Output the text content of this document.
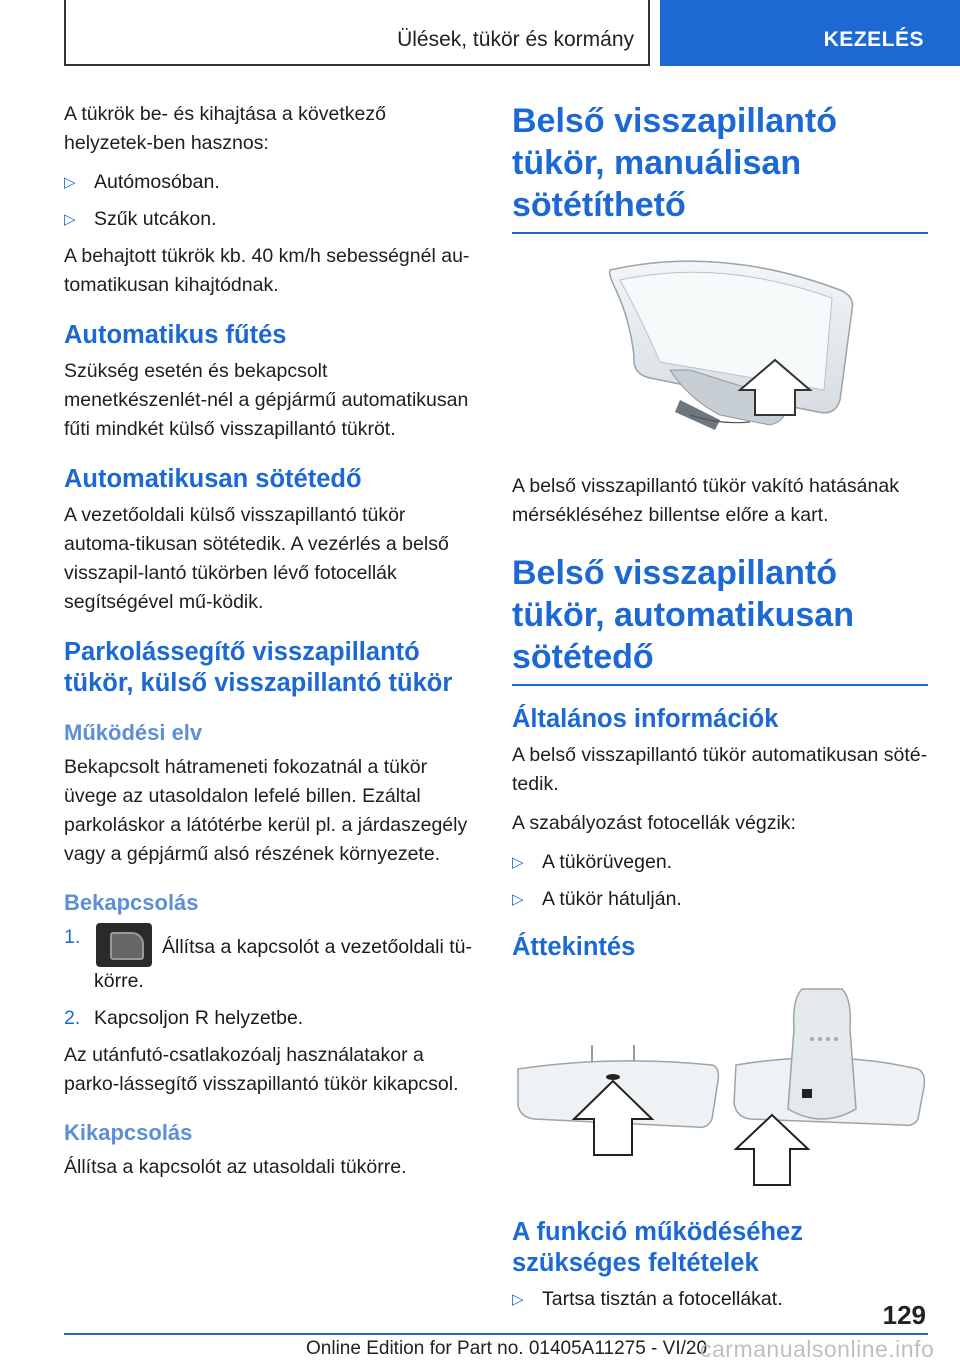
Ülések, tükör és kormány	KEZELÉS

A tükrök be- és kihajtása a következő helyzetek-ben hasznos:

▷ Autómosóban.
▷ Szűk utcákon.

A behajtott tükrök kb. 40 km/h sebességnél au-tomatikusan kihajtódnak.

Automatikus fűtés

Szükség esetén és bekapcsolt menetkészenlét-nél a gépjármű automatikusan fűti mindkét külső visszapillantó tükröt.

Automatikusan sötétedő

A vezetőoldali külső visszapillantó tükör automa-tikusan sötétedik. A vezérlés a belső visszapil-lantó tükörben lévő fotocellák segítségével mű-ködik.

Parkolássegítő visszapillantó tükör, külső visszapillantó tükör
Működési elv

Bekapcsolt hátrameneti fokozatnál a tükör üvege az utasoldalon lefelé billen. Ezáltal parkoláskor a látótérbe kerül pl. a járdaszegély vagy a gépjármű alsó részének környezete.

Bekapcsolás
1.	Állítsa a kapcsolót a vezetőoldali tü-körre.
2. Kapcsoljon R helyzetbe.

Az utánfutó-csatlakozóalj használatakor a parko-lássegítő visszapillantó tükör kikapcsol.

Kikapcsolás

Állítsa a kapcsolót az utasoldali tükörre.

Belső visszapillantó tükör, manuálisan sötétíthető

A belső visszapillantó tükör vakító hatásának mérsékléséhez billentse előre a kart.

Belső visszapillantó tükör, automatikusan sötétedő
Általános információk

A belső visszapillantó tükör automatikusan söté-tedik.

A szabályozást fotocellák végzik:

▷ A tükörüvegen.
▷ A tükör hátulján.
Áttekintés
A funkció működéséhez szükséges feltételek
▷ Tartsa tisztán a fotocellákat.
129
Online Edition for Part no. 01405A11275 - VI/20
carmanualsonline.info
